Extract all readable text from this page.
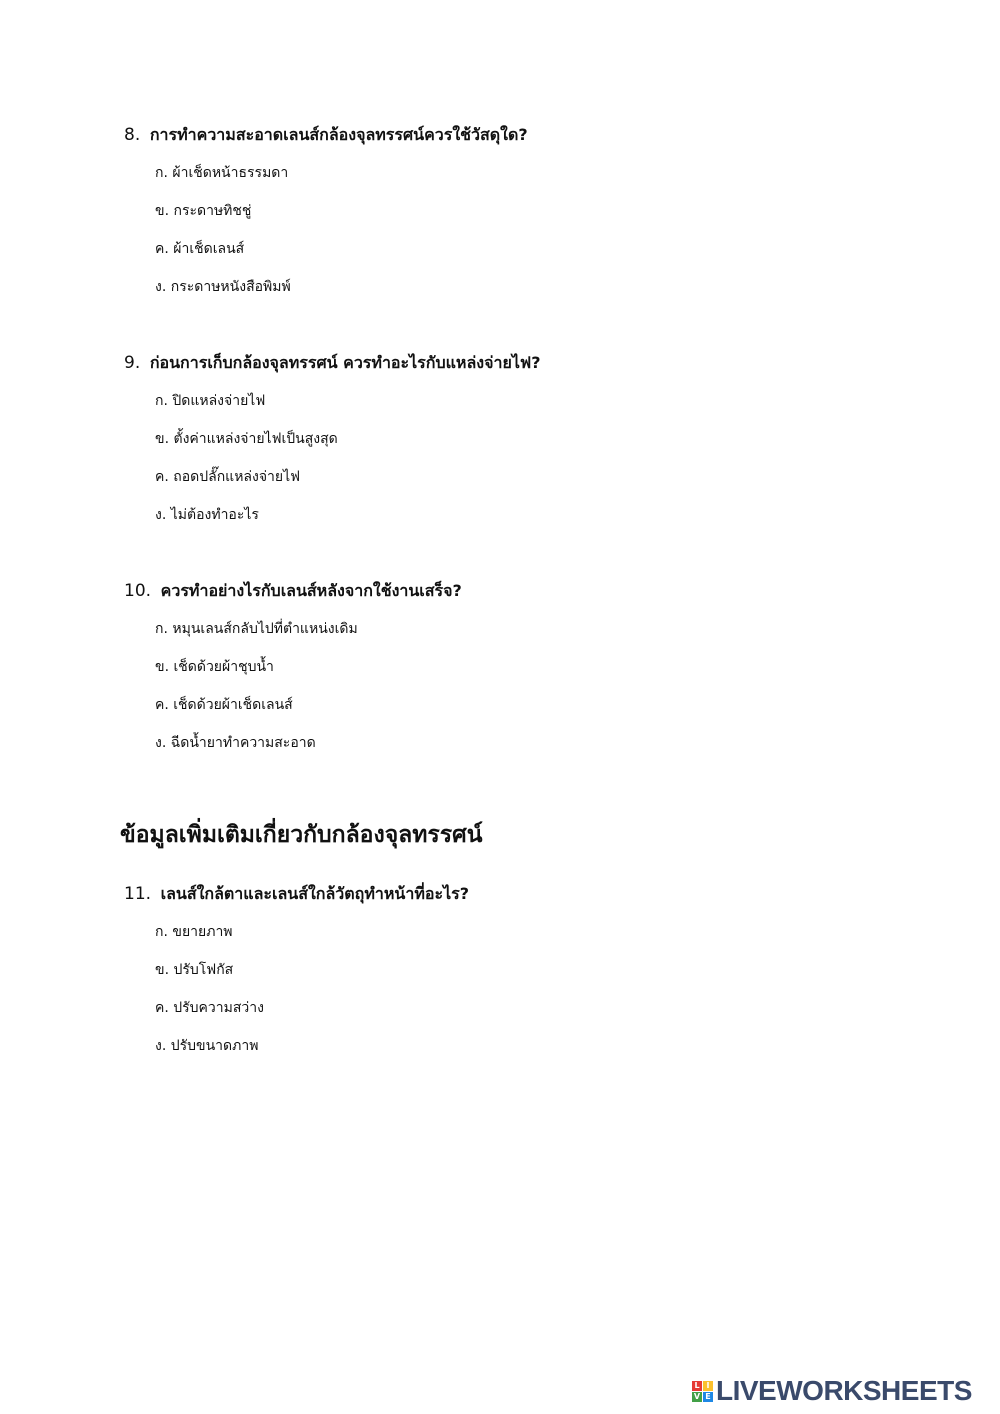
8. การทำความสะอาดเลนส์กล้องจุลทรรศน์ควรใช้วัสดุใด?
ก. ผ้าเช็ดหน้าธรรมดา
ข. กระดาษทิชชู่
ค. ผ้าเช็ดเลนส์
ง. กระดาษหนังสือพิมพ์
9. ก่อนการเก็บกล้องจุลทรรศน์ ควรทำอะไรกับแหล่งจ่ายไฟ?
ก. ปิดแหล่งจ่ายไฟ
ข. ตั้งค่าแหล่งจ่ายไฟเป็นสูงสุด
ค. ถอดปลั๊กแหล่งจ่ายไฟ
ง. ไม่ต้องทำอะไร
10. ควรทำอย่างไรกับเลนส์หลังจากใช้งานเสร็จ?
ก. หมุนเลนส์กลับไปที่ตำแหน่งเดิม
ข. เช็ดด้วยผ้าชุบน้ำ
ค. เช็ดด้วยผ้าเช็ดเลนส์
ง. ฉีดน้ำยาทำความสะอาด
ข้อมูลเพิ่มเติมเกี่ยวกับกล้องจุลทรรศน์
11. เลนส์ใกล้ตาและเลนส์ใกล้วัตถุทำหน้าที่อะไร?
ก. ขยายภาพ
ข. ปรับโฟกัส
ค. ปรับความสว่าง
ง. ปรับขนาดภาพ
L I
V E LIVEWORKSHEETS
